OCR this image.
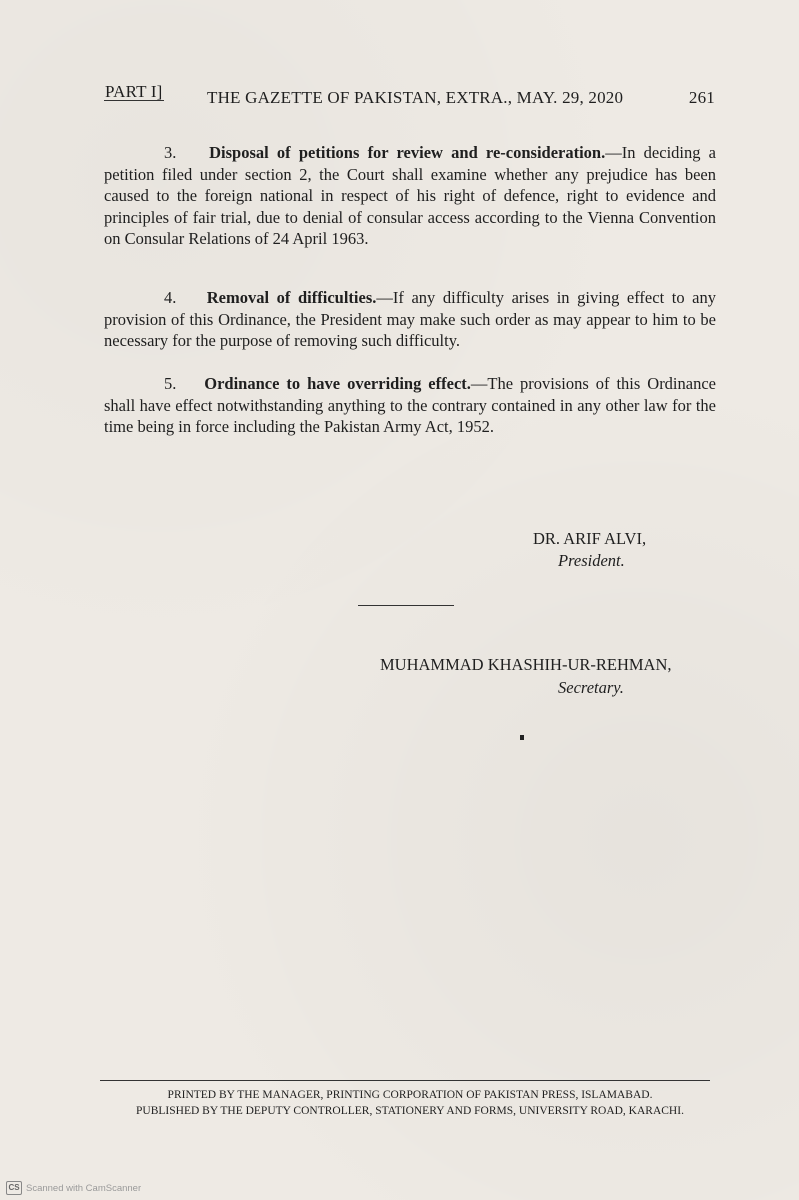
PART I]	THE GAZETTE OF PAKISTAN, EXTRA., MAY. 29, 2020	261

3. Disposal of petitions for review and re-consideration.—In deciding a petition filed under section 2, the Court shall examine whether any prejudice has been caused to the foreign national in respect of his right of defence, right to evidence and principles of fair trial, due to denial of consular access according to the Vienna Convention on Consular Relations of 24 April 1963.

4. Removal of difficulties.—If any difficulty arises in giving effect to any provision of this Ordinance, the President may make such order as may appear to him to be necessary for the purpose of removing such difficulty.

5. Ordinance to have overriding effect.—The provisions of this Ordinance shall have effect notwithstanding anything to the contrary contained in any other law for the time being in force including the Pakistan Army Act, 1952.

DR. ARIF ALVI,
President.
MUHAMMAD KHASHIH-UR-REHMAN,
Secretary.
PRINTED BY THE MANAGER, PRINTING CORPORATION OF PAKISTAN PRESS, ISLAMABAD.
PUBLISHED BY THE DEPUTY CONTROLLER, STATIONERY AND FORMS, UNIVERSITY ROAD, KARACHI.
CS Scanned with CamScanner
